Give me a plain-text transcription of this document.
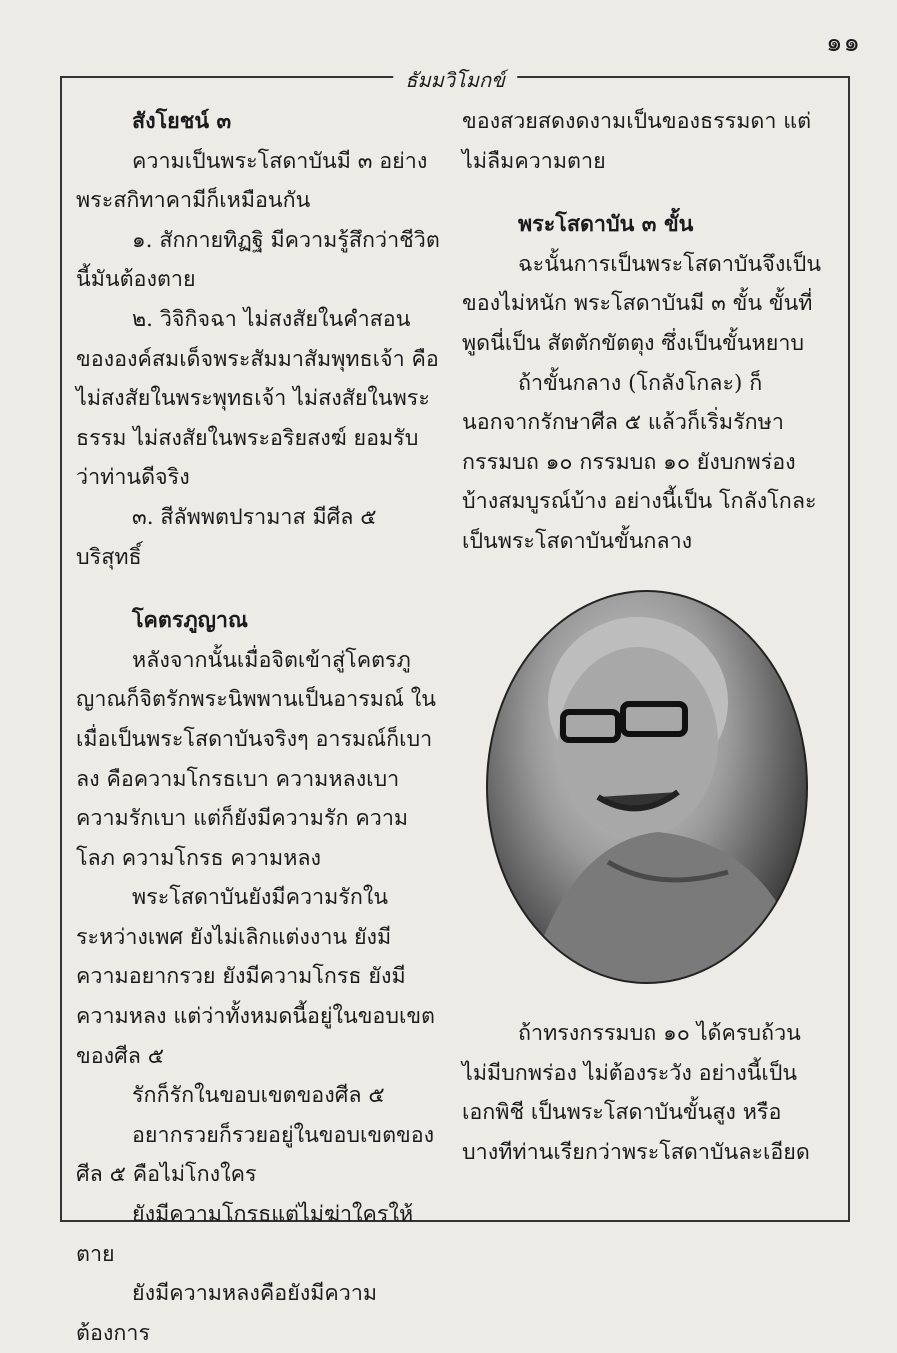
๑๑
ธัมมวิโมกข์

สังโยชน์ ๓

ความเป็นพระโสดาบันมี ๓ อย่าง พระสกิทาคามีก็เหมือนกัน

๑. สักกายทิฏฐิ มีความรู้สึกว่าชีวิตนี้มันต้องตาย

๒. วิจิกิจฉา ไม่สงสัยในคำสอนขององค์สมเด็จพระสัมมาสัมพุทธเจ้า คือไม่สงสัยในพระพุทธเจ้า ไม่สงสัยในพระธรรม ไม่สงสัยในพระอริยสงฆ์ ยอมรับว่าท่านดีจริง

๓. สีลัพพตปรามาส มีศีล ๕ บริสุทธิ์

โคตรภูญาณ

หลังจากนั้นเมื่อจิตเข้าสู่โคตรภูญาณก็จิตรักพระนิพพานเป็นอารมณ์ ในเมื่อเป็นพระโสดาบันจริงๆ อารมณ์ก็เบาลง คือความโกรธเบา ความหลงเบา ความรักเบา แต่ก็ยังมีความรัก ความโลภ ความโกรธ ความหลง

พระโสดาบันยังมีความรักในระหว่างเพศ ยังไม่เลิกแต่งงาน ยังมีความอยากรวย ยังมีความโกรธ ยังมีความหลง แต่ว่าทั้งหมดนี้อยู่ในขอบเขตของศีล ๕

รักก็รักในขอบเขตของศีล ๕

อยากรวยก็รวยอยู่ในขอบเขตของศีล ๕ คือไม่โกงใคร

ยังมีความโกรธแต่ไม่ฆ่าใครให้ตาย

ยังมีความหลงคือยังมีความต้องการ

ของสวยสดงดงามเป็นของธรรมดา แต่ไม่ลืมความตาย

พระโสดาบัน ๓ ขั้น

ฉะนั้นการเป็นพระโสดาบันจึงเป็นของไม่หนัก พระโสดาบันมี ๓ ขั้น ขั้นที่พูดนี่เป็น สัตตักขัตตุง ซึ่งเป็นขั้นหยาบ

ถ้าขั้นกลาง (โกลังโกละ) ก็นอกจากรักษาศีล ๕ แล้วก็เริ่มรักษากรรมบถ ๑๐ กรรมบถ ๑๐ ยังบกพร่องบ้างสมบูรณ์บ้าง อย่างนี้เป็น โกลังโกละ เป็นพระโสดาบันขั้นกลาง

ถ้าทรงกรรมบถ ๑๐ ได้ครบถ้วน ไม่มีบกพร่อง ไม่ต้องระวัง อย่างนี้เป็น เอกพิชี เป็นพระโสดาบันขั้นสูง หรือบางทีท่านเรียกว่าพระโสดาบันละเอียด
